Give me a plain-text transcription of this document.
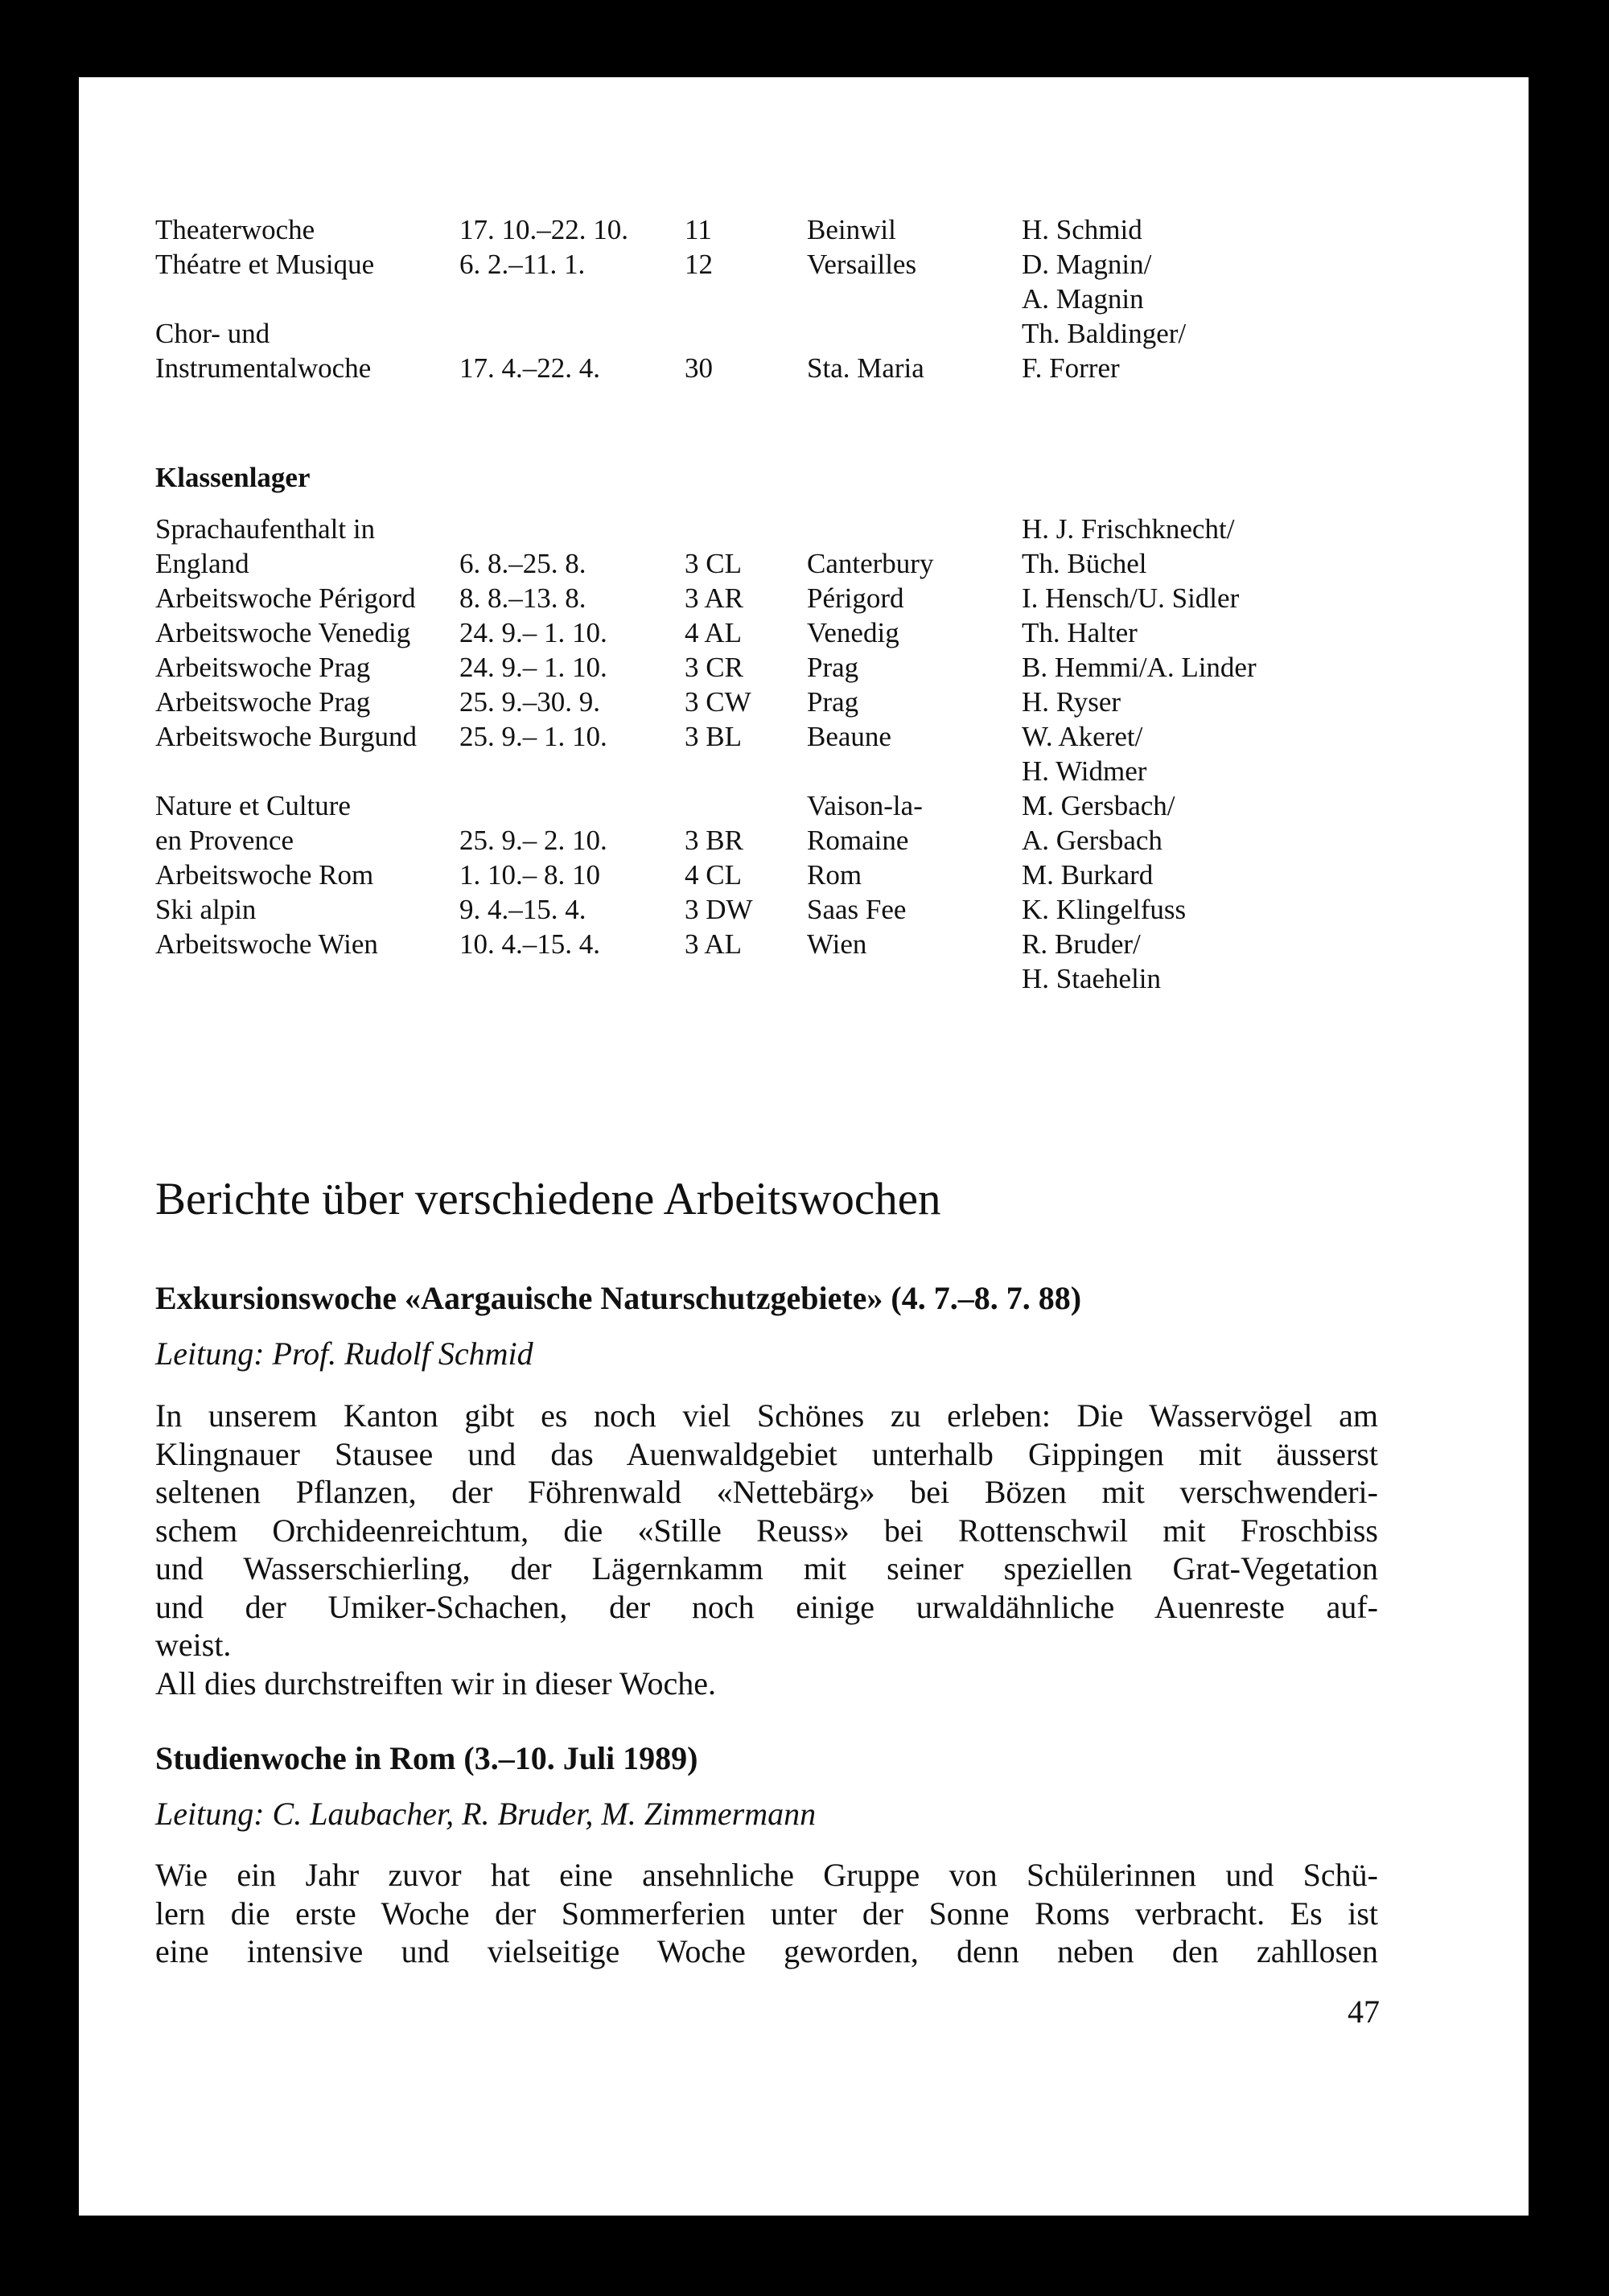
Theaterwoche	17. 10.–22. 10. 11	Beinwil	H. Schmid
Théatre et Musique	6. 2.–11. 1.	12	Versailles	D. Magnin/
A. Magnin
Chor- und	Th. Baldinger/
Instrumentalwoche	17. 4.–22. 4.	30	Sta. Maria	F. Forrer
Klassenlager
Sprachaufenthalt in	H. J. Frischknecht/
England	6. 8.–25. 8.	3 CL Canterbury	Th. Büchel
Arbeitswoche Périgord 8. 8.–13. 8.	3 AR Périgord	I. Hensch/U. Sidler
Arbeitswoche Venedig 24. 9.– 1. 10.	4 AL Venedig	Th. Halter
Arbeitswoche Prag	24. 9.– 1. 10.	3 CR Prag	B. Hemmi/A. Linder
Arbeitswoche Prag	25. 9.–30. 9.	3 CW Prag	H. Ryser
Arbeitswoche Burgund 25. 9.– 1. 10.	3 BL Beaune	W. Akeret/
H. Widmer
Nature et Culture	Vaison-la-	M. Gersbach/
en Provence	25. 9.– 2. 10.	3 BR Romaine	A. Gersbach
Arbeitswoche Rom	1. 10.– 8. 10	4 CL Rom	M. Burkard
Ski alpin	9. 4.–15. 4.	3 DW Saas Fee	K. Klingelfuss
Arbeitswoche Wien	10. 4.–15. 4.	3 AL Wien	R. Bruder/
H. Staehelin
Berichte über verschiedene Arbeitswochen
Exkursionswoche «Aargauische Naturschutzgebiete» (4. 7.–8. 7. 88)
Leitung: Prof. Rudolf Schmid
In unserem Kanton gibt es noch viel Schönes zu erleben: Die Wasservögel am
Klingnauer Stausee und das Auenwaldgebiet unterhalb Gippingen mit äusserst
seltenen Pflanzen, der Föhrenwald «Nettebärg» bei Bözen mit verschwenderi-
schem Orchideenreichtum, die «Stille Reuss» bei Rottenschwil mit Froschbiss
und Wasserschierling, der Lägernkamm mit seiner speziellen Grat-Vegetation
und der Umiker-Schachen, der noch einige urwaldähnliche Auenreste auf-
weist.
All dies durchstreiften wir in dieser Woche.
Studienwoche in Rom (3.–10. Juli 1989)
Leitung: C. Laubacher, R. Bruder, M. Zimmermann
Wie ein Jahr zuvor hat eine ansehnliche Gruppe von Schülerinnen und Schü-
lern die erste Woche der Sommerferien unter der Sonne Roms verbracht. Es ist
eine intensive und vielseitige Woche geworden, denn neben den zahllosen
47
